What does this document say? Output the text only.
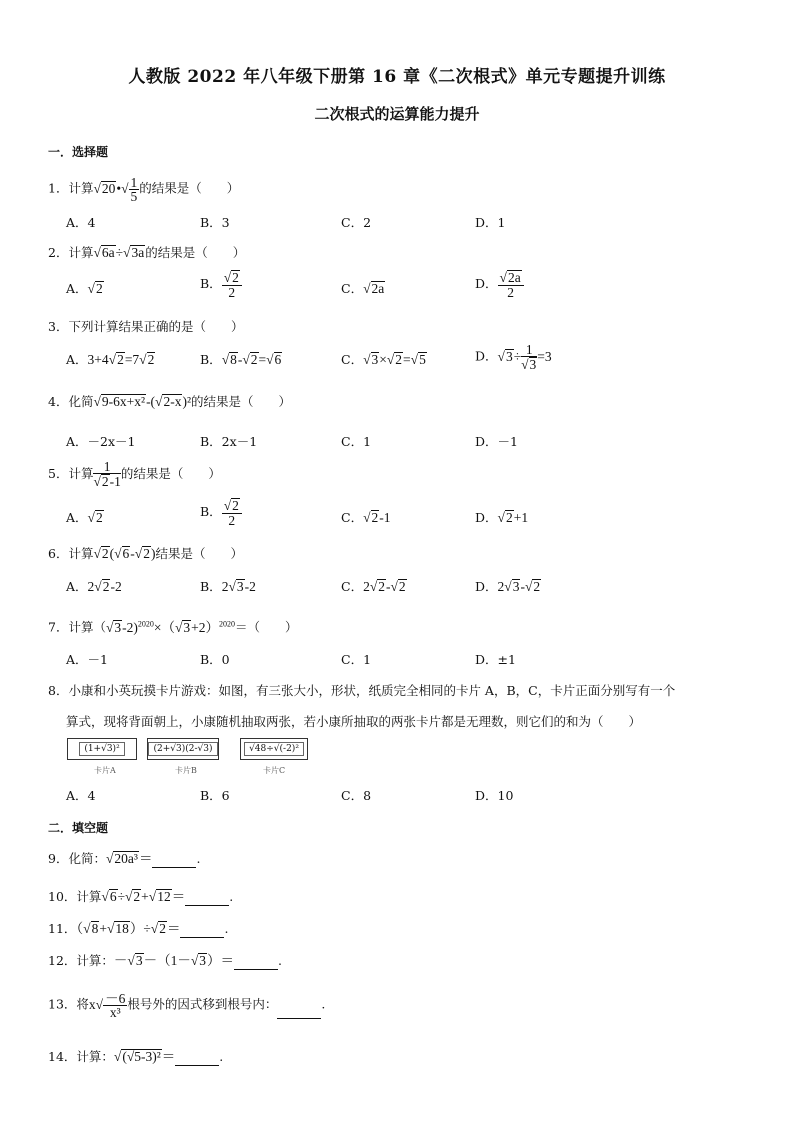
人教版 2022 年八年级下册第 16 章《二次根式》单元专题提升训练
二次根式的运算能力提升
一．选择题
1．计算√20•√ $\frac{1}{5}$ 的结果是（　　）
A．4	B．3	C．2	D．1
2．计算√6a÷√3a的结果是（　　）
A．√2	B． $\frac{√2}{2}$	C．√2a	D． $\frac{√2a}{2}$
3．下列计算结果正确的是（　　）
A．3+4√2=7√2	B．√8-√2=√6	C．√3×√2=√5	D．$√3\div \frac{1}{√3} =3$
4．化简√9-6x+x²-(√2-x)²的结果是（　　）
A．－2x－1	B．2x－1	C．1	D．－1
5．计算 $\frac{1}{√2-1}$ 的结果是（　　）
A．√2	B． $\frac{√2}{2}$	C．√2-1	D．√2+1
6．计算√2(√6-√2)结果是（　　）
A．2√2-2	B．2√3-2	C．2√2-√2	D．2√3-√2
7．计算$(√3-2)^{2020}\times(√3+2)^{2020}=$（　　）
A．－1	B．0	C．1	D．±1
8．小康和小英玩摸卡片游戏：如图，有三张大小，形状，纸质完全相同的卡片 A，B，C，卡片正面分别写有一个
算式，现将背面朝上，小康随机抽取两张，若小康所抽取的两张卡片都是无理数，则它们的和为（　　）
(1+√3)²	(2+√3)(2-√3)	√48÷√(-2)²
卡片A	卡片B	卡片C
A．4	B．6	C．8	D．10
二．填空题
9．化简：√20a³＝	.
10．计算√6÷√2+√12＝	.
11．（√8+√18）÷√2＝	.
12．计算：－√3－（1－√3）＝	.
13．将$x√ \frac{-6}{\text{x³}}$ 根号外的因式移到根号内：	.
14．计算：√(√5-3)²＝	.
